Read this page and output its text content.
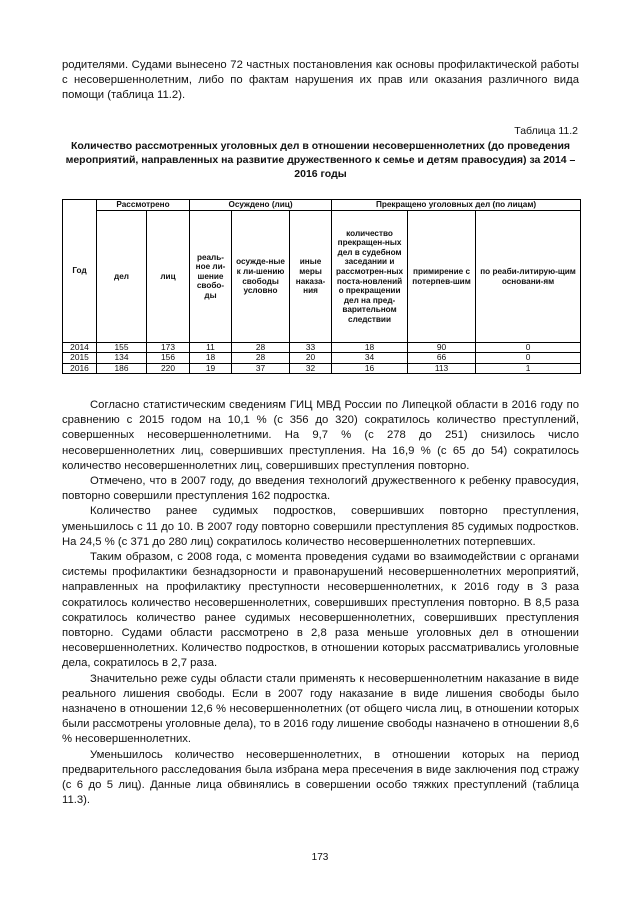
родителями. Судами вынесено 72 частных постановления как основы профилактической работы с несовершеннолетним, либо по фактам нарушения их прав или оказания различного вида помощи (таблица 11.2).

Таблица 11.2

Количество рассмотренных уголовных дел в отношении несовершеннолетних (до проведения мероприятий, направленных на развитие дружественного к семье и детям правосудия) за 2014 – 2016 годы

Год	Рассмотрено		Осуждено (лиц)			Прекращено уголовных дел (по лицам)		
	дел	лиц	реаль-ное ли-шение свобо-ды	осужде-ные к ли-шению свободы условно	иные меры наказа-ния	количество прекращен-ных дел в судебном заседании и рассмотрен-ных поста-новлений о прекращении дел на пред-варительном следствии	примирение с потерпев-шим	по реаби-литирую-щим основани-ям
2014	155	173	11	28	33	18	90	0
2015	134	156	18	28	20	34	66	0
2016	186	220	19	37	32	16	113	1

Согласно статистическим сведениям ГИЦ МВД России по Липецкой области в 2016 году по сравнению с 2015 годом на 10,1 % (с 356 до 320) сократилось количество преступлений, совершенных несовершеннолетними. На 9,7 % (с 278 до 251) снизилось число несовершеннолетних лиц, совершивших преступления. На 16,9 % (с 65 до 54) сократилось количество несовершеннолетних лиц, совершивших преступления повторно.

Отмечено, что в 2007 году, до введения технологий дружественного к ребенку правосудия, повторно совершили преступления 162 подростка.

Количество ранее судимых подростков, совершивших повторно преступления, уменьшилось с 11 до 10. В 2007 году повторно совершили преступления 85 судимых подростков. На 24,5 % (с 371 до 280 лиц) сократилось количество несовершеннолетних потерпевших.

Таким образом, с 2008 года, с момента проведения судами во взаимодействии с органами системы профилактики безнадзорности и правонарушений несовершеннолетних мероприятий, направленных на профилактику преступности несовершеннолетних, к 2016 году в 3 раза сократилось количество несовершеннолетних, совершивших преступления повторно. В 8,5 раза сократилось количество ранее судимых несовершеннолетних, совершивших преступления повторно. Судами области рассмотрено в 2,8 раза меньше уголовных дел в отношении несовершеннолетних. Количество подростков, в отношении которых рассматривались уголовные дела, сократилось в 2,7 раза.

Значительно реже суды области стали применять к несовершеннолетним наказание в виде реального лишения свободы. Если в 2007 году наказание в виде лишения свободы было назначено в отношении 12,6 % несовершеннолетних (от общего числа лиц, в отношении которых были рассмотрены уголовные дела), то в 2016 году лишение свободы назначено в отношении 8,6 % несовершеннолетних.

Уменьшилось количество несовершеннолетних, в отношении которых на период предварительного расследования была избрана мера пресечения в виде заключения под стражу (с 6 до 5 лиц). Данные лица обвинялись в совершении особо тяжких преступлений (таблица 11.3).

173
